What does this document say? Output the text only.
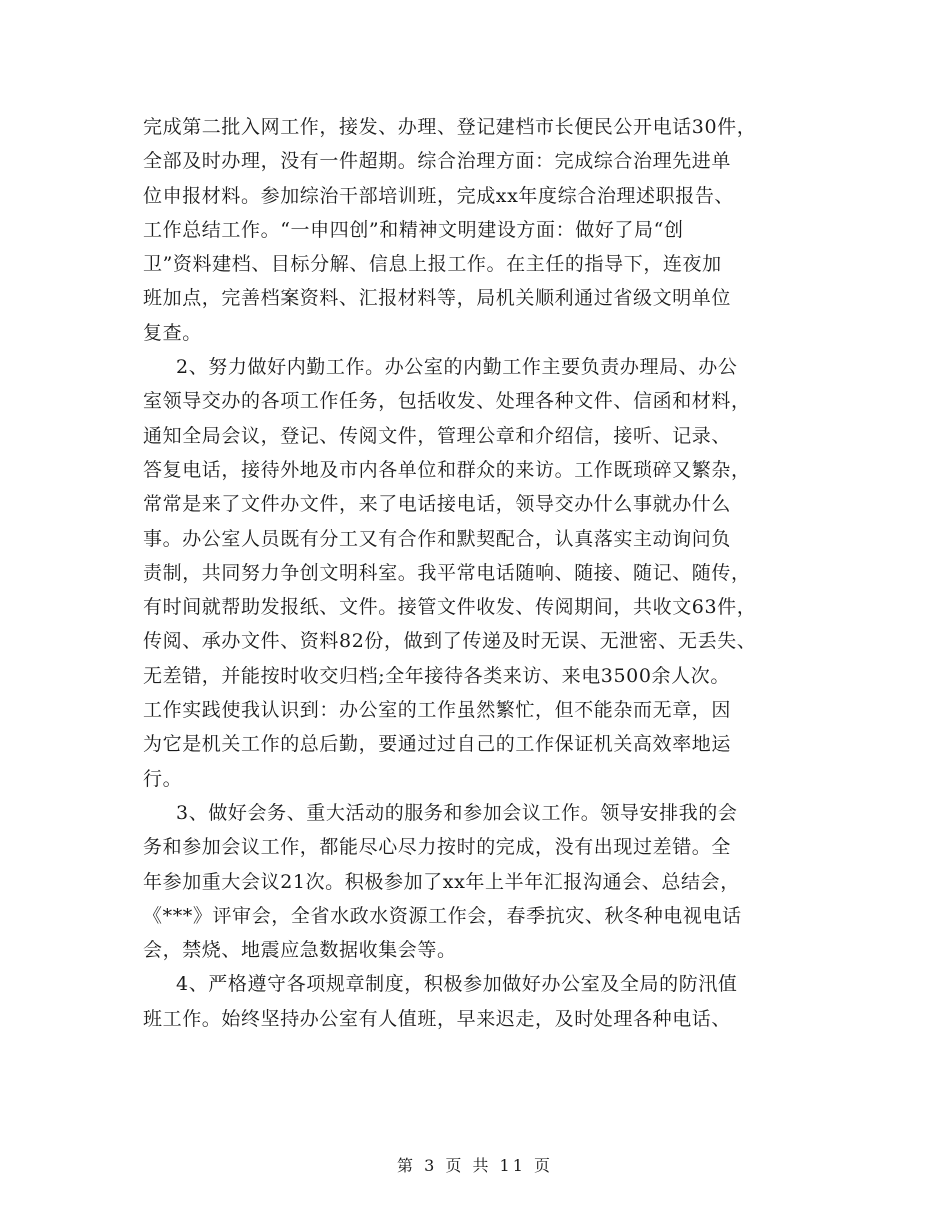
完成第二批入网工作，接发、办理、登记建档市长便民公开电话30件，
全部及时办理，没有一件超期。综合治理方面：完成综合治理先进单
位申报材料。参加综治干部培训班，完成xx年度综合治理述职报告、
工作总结工作。“一申四创”和精神文明建设方面：做好了局“创
卫”资料建档、目标分解、信息上报工作。在主任的指导下，连夜加
班加点，完善档案资料、汇报材料等，局机关顺利通过省级文明单位
复查。
2、努力做好内勤工作。办公室的内勤工作主要负责办理局、办公
室领导交办的各项工作任务，包括收发、处理各种文件、信函和材料，
通知全局会议，登记、传阅文件，管理公章和介绍信，接听、记录、
答复电话，接待外地及市内各单位和群众的来访。工作既琐碎又繁杂，
常常是来了文件办文件，来了电话接电话，领导交办什么事就办什么
事。办公室人员既有分工又有合作和默契配合，认真落实主动询问负
责制，共同努力争创文明科室。我平常电话随响、随接、随记、随传，
有时间就帮助发报纸、文件。接管文件收发、传阅期间，共收文63件，
传阅、承办文件、资料82份，做到了传递及时无误、无泄密、无丢失、
无差错，并能按时收交归档;全年接待各类来访、来电3500余人次。
工作实践使我认识到：办公室的工作虽然繁忙，但不能杂而无章，因
为它是机关工作的总后勤，要通过过自己的工作保证机关高效率地运
行。
3、做好会务、重大活动的服务和参加会议工作。领导安排我的会
务和参加会议工作，都能尽心尽力按时的完成，没有出现过差错。全
年参加重大会议21次。积极参加了xx年上半年汇报沟通会、总结会，
《***》评审会，全省水政水资源工作会，春季抗灾、秋冬种电视电话
会，禁烧、地震应急数据收集会等。
4、严格遵守各项规章制度，积极参加做好办公室及全局的防汛值
班工作。始终坚持办公室有人值班，早来迟走，及时处理各种电话、
第 3 页 共 11 页
